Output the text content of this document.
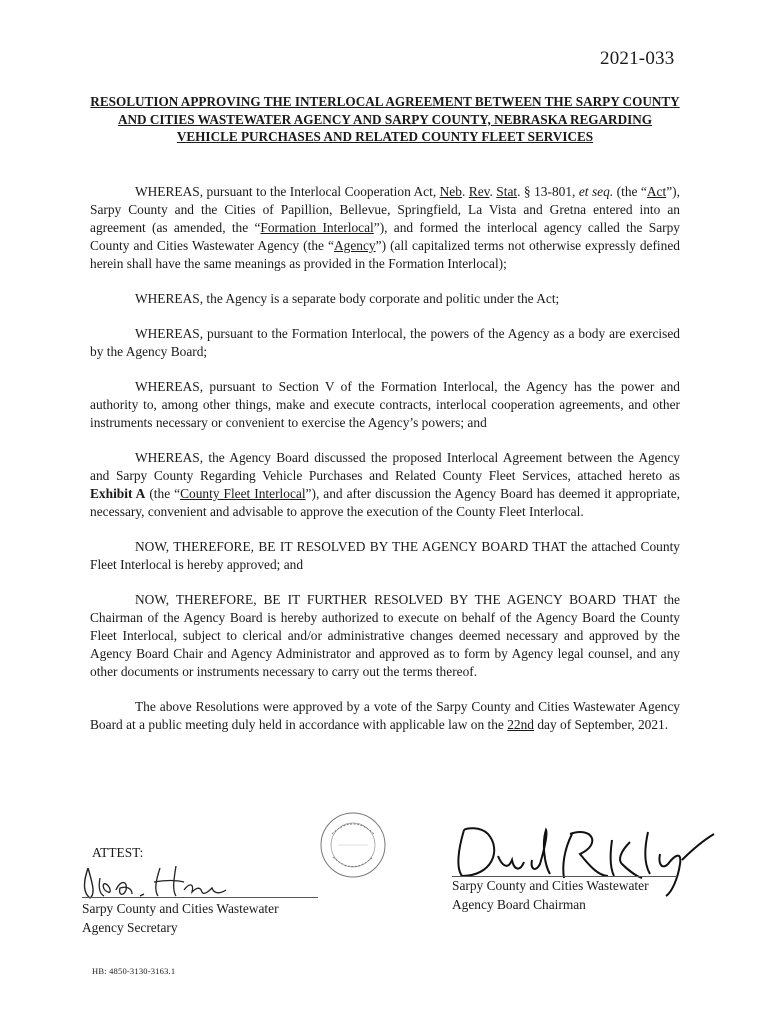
2021-033
RESOLUTION APPROVING THE INTERLOCAL AGREEMENT BETWEEN THE SARPY COUNTY AND CITIES WASTEWATER AGENCY AND SARPY COUNTY, NEBRASKA REGARDING VEHICLE PURCHASES AND RELATED COUNTY FLEET SERVICES

WHEREAS, pursuant to the Interlocal Cooperation Act, Neb. Rev. Stat. § 13-801, et seq. (the “Act”), Sarpy County and the Cities of Papillion, Bellevue, Springfield, La Vista and Gretna entered into an agreement (as amended, the “Formation Interlocal”), and formed the interlocal agency called the Sarpy County and Cities Wastewater Agency (the “Agency”) (all capitalized terms not otherwise expressly defined herein shall have the same meanings as provided in the Formation Interlocal);

WHEREAS, the Agency is a separate body corporate and politic under the Act;

WHEREAS, pursuant to the Formation Interlocal, the powers of the Agency as a body are exercised by the Agency Board;

WHEREAS, pursuant to Section V of the Formation Interlocal, the Agency has the power and authority to, among other things, make and execute contracts, interlocal cooperation agreements, and other instruments necessary or convenient to exercise the Agency’s powers; and

WHEREAS, the Agency Board discussed the proposed Interlocal Agreement between the Agency and Sarpy County Regarding Vehicle Purchases and Related County Fleet Services, attached hereto as Exhibit A (the “County Fleet Interlocal”), and after discussion the Agency Board has deemed it appropriate, necessary, convenient and advisable to approve the execution of the County Fleet Interlocal.

NOW, THEREFORE, BE IT RESOLVED BY THE AGENCY BOARD THAT the attached County Fleet Interlocal is hereby approved; and

NOW, THEREFORE, BE IT FURTHER RESOLVED BY THE AGENCY BOARD THAT the Chairman of the Agency Board is hereby authorized to execute on behalf of the Agency Board the County Fleet Interlocal, subject to clerical and/or administrative changes deemed necessary and approved by the Agency Board Chair and Agency Administrator and approved as to form by Agency legal counsel, and any other documents or instruments necessary to carry out the terms thereof.

The above Resolutions were approved by a vote of the Sarpy County and Cities Wastewater Agency Board at a public meeting duly held in accordance with applicable law on the 22nd day of September, 2021.

ATTEST:
Sarpy County and Cities Wastewater
Agency Secretary
Sarpy County and Cities Wastewater
Agency Board Chairman
HB: 4850-3130-3163.1
